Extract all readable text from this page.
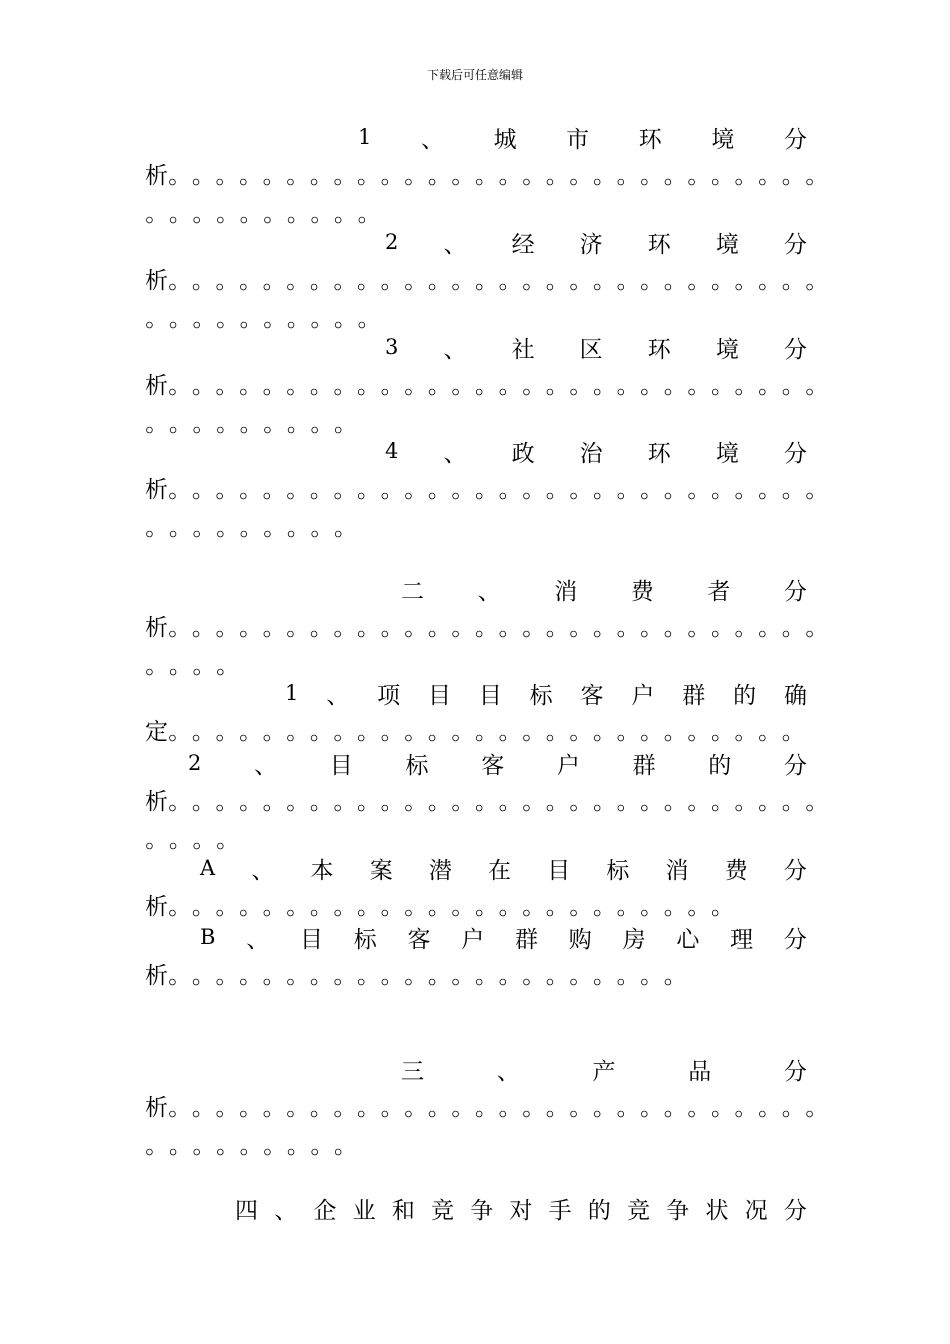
下载后可任意编辑
1 、 城 市 环 境 分
析。。。。。。。。。。。。。。。。。。。。。。。。。。。。
。。。。。。。。。。
2 、 经 济 环 境 分
析。。。。。。。。。。。。。。。。。。。。。。。。。。。。
。。。。。。。。。。
3 、 社 区 环 境 分
析。。。。。。。。。。。。。。。。。。。。。。。。。。。。
。。。。。。。。。
4 、 政 治 环 境 分
析。。。。。。。。。。。。。。。。。。。。。。。。。。。。
。。。。。。。。。
二 、 消 费 者 分
析。。。。。。。。。。。。。。。。。。。。。。。。。。。。
。。。。
1 、 项 目 目 标 客 户 群 的 确
定。。。。。。。。。。。。。。。。。。。。。。。。。。。
2 、 目 标 客 户 群 的 分
析。。。。。。。。。。。。。。。。。。。。。。。。。。。。
。。。。
A 、 本 案 潜 在 目 标 消 费 分
析。。。。。。。。。。。。。。。。。。。。。。。。
B 、 目 标 客 户 群 购 房 心 理 分
析。。。。。。。。。。。。。。。。。。。。。。
三	、	产	品	分
析。。。。。。。。。。。。。。。。。。。。。。。。。。。。
。。。。。。。。。
四 、 企 业 和 竞 争 对 手 的 竞 争 状 况 分
